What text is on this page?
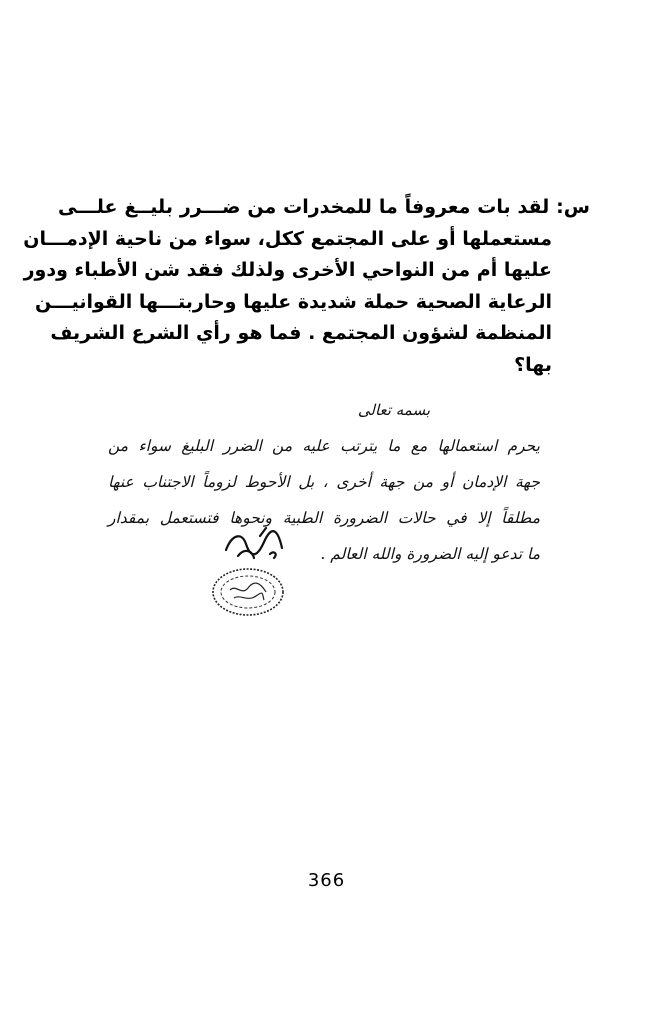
س: لقد بات معروفاً ما للمخدرات من ضـــرر بليــغ علـــى
مستعملها أو على المجتمع ككل، سواء من ناحية الإدمـــان
عليها أم من النواحي الأخرى ولذلك فقد شن الأطباء ودور
الرعاية الصحية حملة شديدة عليها وحاربتـــها القوانيـــن
المنظمة لشؤون المجتمع . فما هو رأي الشرع الشريف
بها؟
بسمه تعالى
يحرم استعمالها مع ما يترتب عليه من الضرر البليغ سواء من
جهة الإدمان أو من جهة أخرى ، بل الأحوط لزوماً الاجتناب عنها
مطلقاً إلا في حالات الضرورة الطبية ونحوها فتستعمل بمقدار
ما تدعو إليه الضرورة والله العالم .
366
